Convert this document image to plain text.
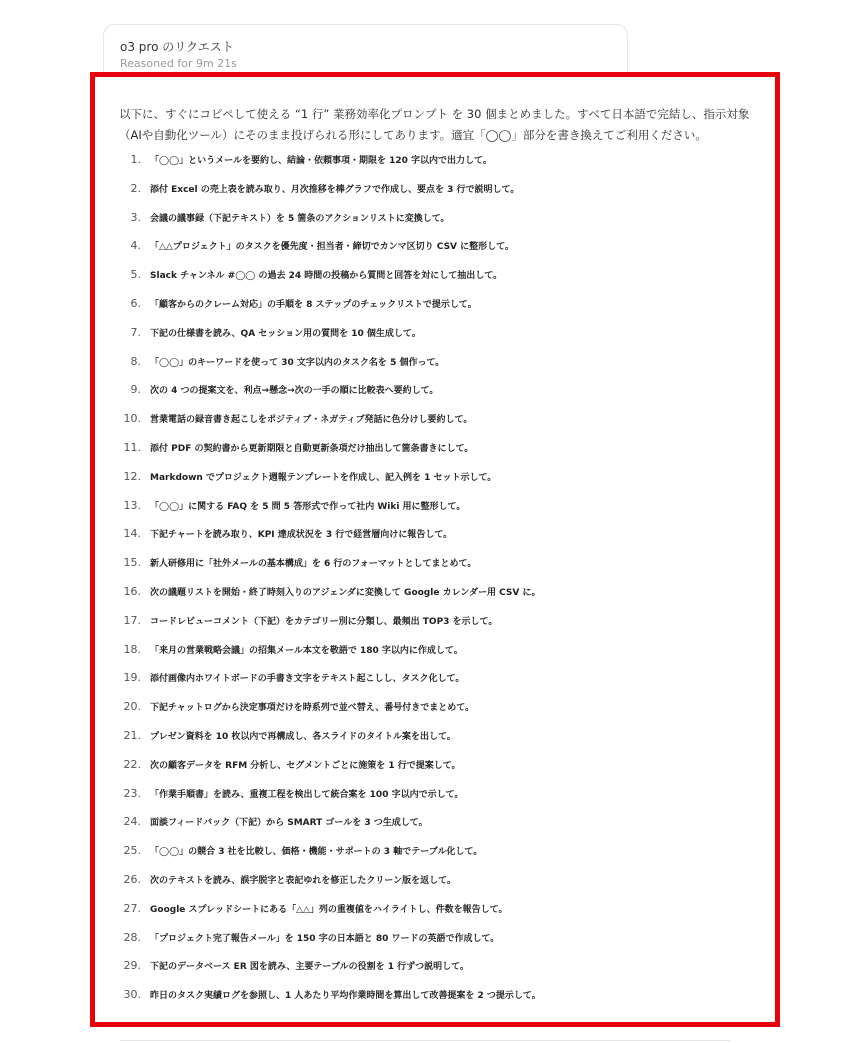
o3 pro のリクエスト
Reasoned for 9m 21s

以下に、すぐにコピペして使える “1 行” 業務効率化プロンプト を 30 個まとめました。すべて日本語で完結し、指示対象（AIや自動化ツール）にそのまま投げられる形にしてあります。適宜「◯◯」部分を書き換えてご利用ください。

1.	「◯◯」というメールを要約し、結論・依頼事項・期限を 120 字以内で出力して。
2.	添付 Excel の売上表を読み取り、月次推移を棒グラフで作成し、要点を 3 行で説明して。
3.	会議の議事録（下記テキスト）を 5 箇条のアクションリストに変換して。
4.	「△△プロジェクト」のタスクを優先度・担当者・締切でカンマ区切り CSV に整形して。
5.	Slack チャンネル #◯◯ の過去 24 時間の投稿から質問と回答を対にして抽出して。
6.	「顧客からのクレーム対応」の手順を 8 ステップのチェックリストで提示して。
7.	下記の仕様書を読み、QA セッション用の質問を 10 個生成して。
8.	「◯◯」のキーワードを使って 30 文字以内のタスク名を 5 個作って。
9.	次の 4 つの提案文を、利点→懸念→次の一手の順に比較表へ要約して。
10.	営業電話の録音書き起こしをポジティブ・ネガティブ発話に色分けし要約して。
11.	添付 PDF の契約書から更新期限と自動更新条項だけ抽出して箇条書きにして。
12.	Markdown でプロジェクト週報テンプレートを作成し、記入例を 1 セット示して。
13.	「◯◯」に関する FAQ を 5 問 5 答形式で作って社内 Wiki 用に整形して。
14.	下記チャートを読み取り、KPI 達成状況を 3 行で経営層向けに報告して。
15.	新人研修用に「社外メールの基本構成」を 6 行のフォーマットとしてまとめて。
16.	次の議題リストを開始・終了時刻入りのアジェンダに変換して Google カレンダー用 CSV に。
17.	コードレビューコメント（下記）をカテゴリー別に分類し、最頻出 TOP3 を示して。
18.	「来月の営業戦略会議」の招集メール本文を敬語で 180 字以内に作成して。
19.	添付画像内ホワイトボードの手書き文字をテキスト起こしし、タスク化して。
20.	下記チャットログから決定事項だけを時系列で並べ替え、番号付きでまとめて。
21.	プレゼン資料を 10 枚以内で再構成し、各スライドのタイトル案を出して。
22.	次の顧客データを RFM 分析し、セグメントごとに施策を 1 行で提案して。
23.	「作業手順書」を読み、重複工程を検出して統合案を 100 字以内で示して。
24.	面談フィードバック（下記）から SMART ゴールを 3 つ生成して。
25.	「◯◯」の競合 3 社を比較し、価格・機能・サポートの 3 軸でテーブル化して。
26.	次のテキストを読み、誤字脱字と表記ゆれを修正したクリーン版を返して。
27.	Google スプレッドシートにある「△△」列の重複値をハイライトし、件数を報告して。
28.	「プロジェクト完了報告メール」を 150 字の日本語と 80 ワードの英語で作成して。
29.	下記のデータベース ER 図を読み、主要テーブルの役割を 1 行ずつ説明して。
30.	昨日のタスク実績ログを参照し、1 人あたり平均作業時間を算出して改善提案を 2 つ提示して。
